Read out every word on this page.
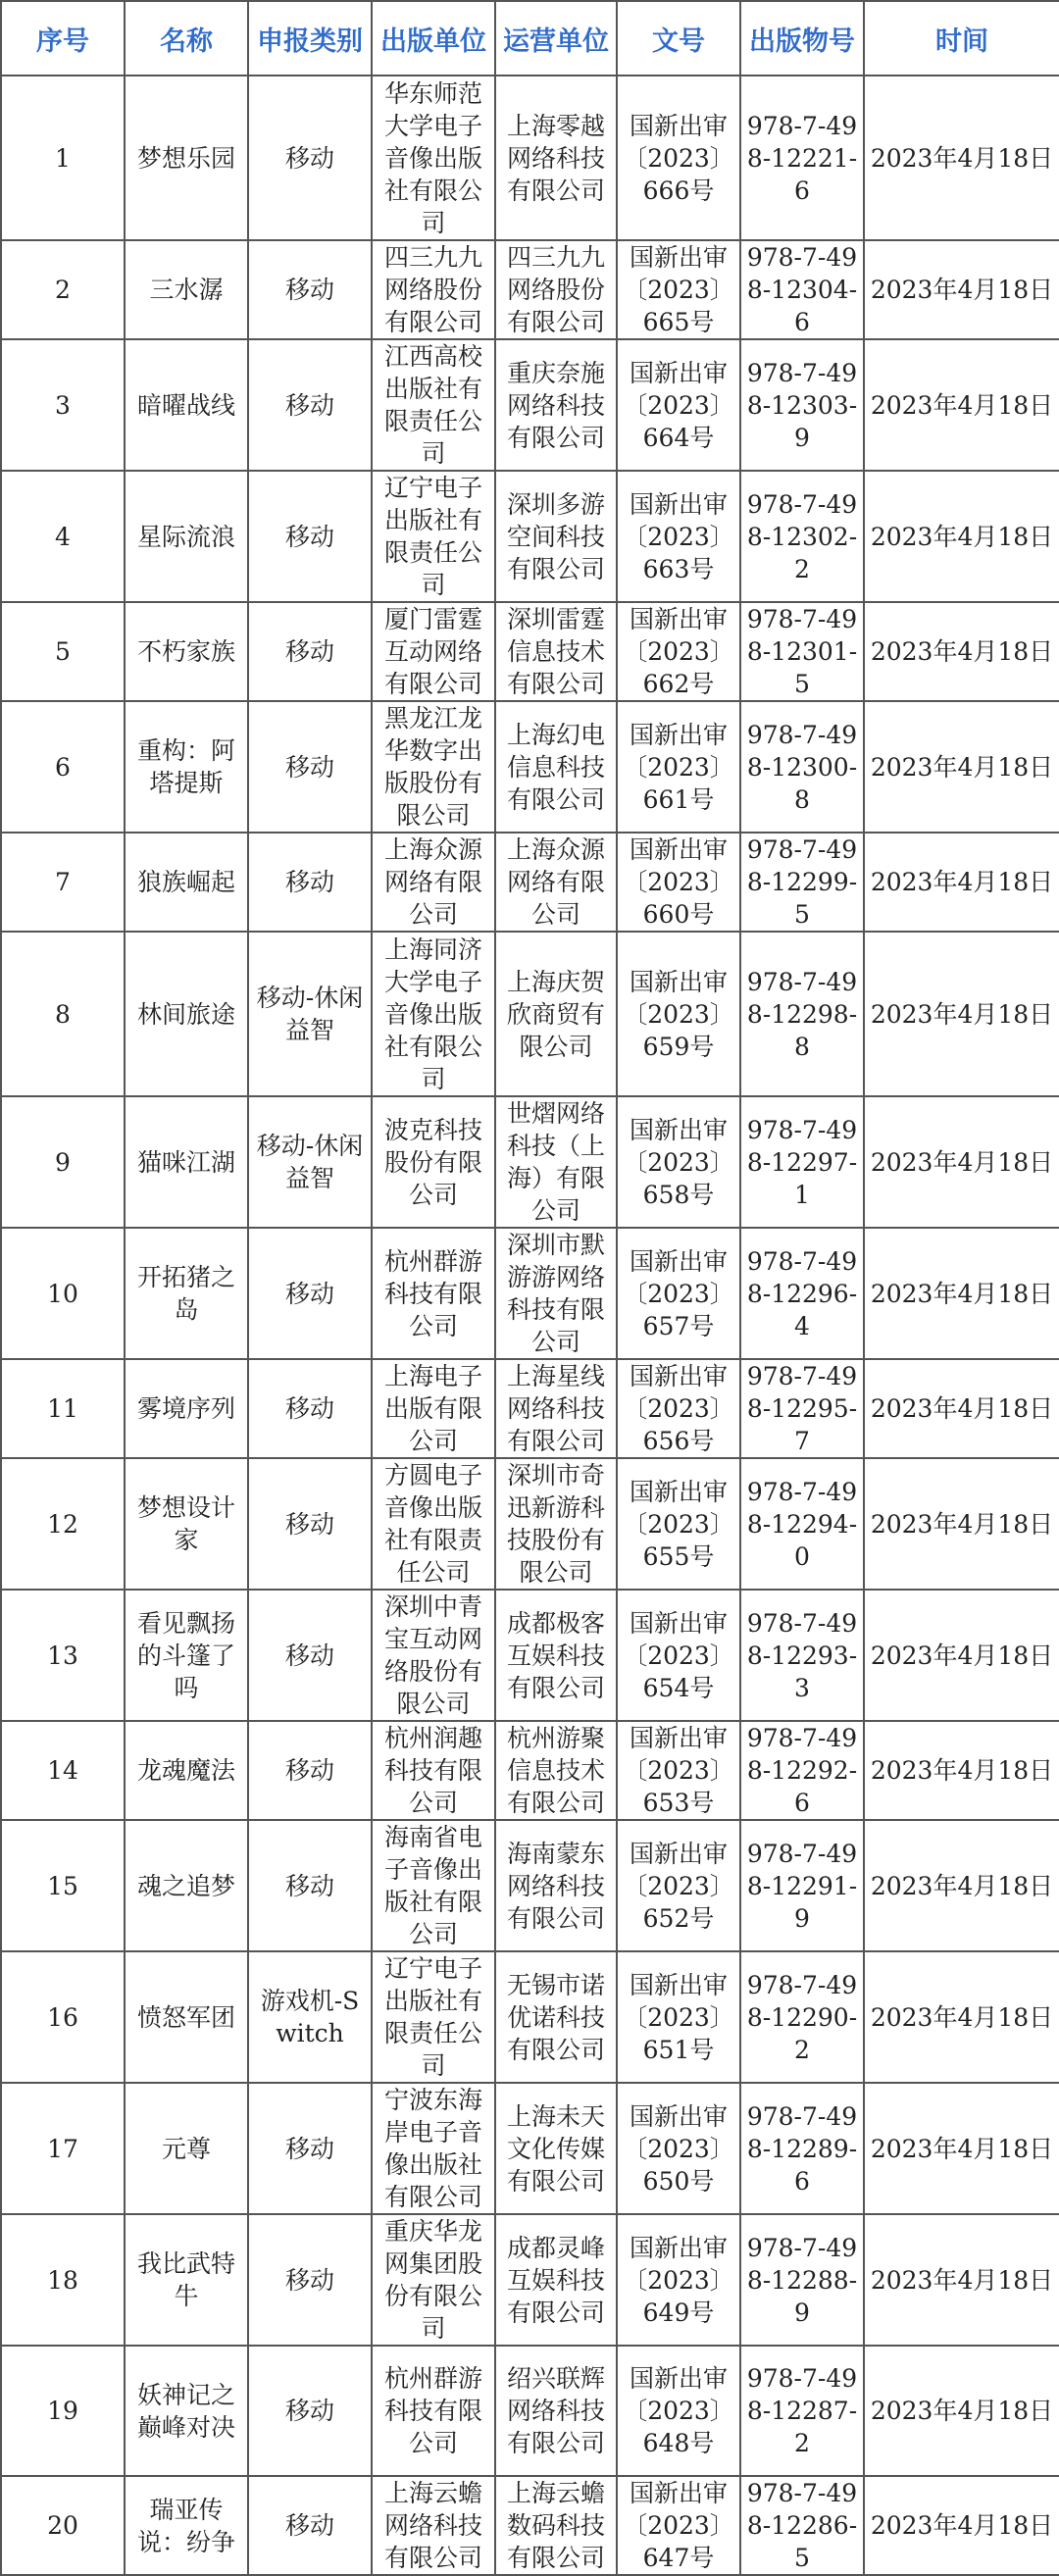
序号	名称	申报类别	出版单位	运营单位	文号	出版物号	时间
1	梦想乐园	移动	华东师范大学电子音像出版社有限公司	上海零越网络科技有限公司	国新出审〔2023〕666号	978-7-498-12221-6	2023年4月18日
2	三水潺	移动	四三九九网络股份有限公司	四三九九网络股份有限公司	国新出审〔2023〕665号	978-7-498-12304-6	2023年4月18日
3	暗曜战线	移动	江西高校出版社有限责任公司	重庆奈施网络科技有限公司	国新出审〔2023〕664号	978-7-498-12303-9	2023年4月18日
4	星际流浪	移动	辽宁电子出版社有限责任公司	深圳多游空间科技有限公司	国新出审〔2023〕663号	978-7-498-12302-2	2023年4月18日
5	不朽家族	移动	厦门雷霆互动网络有限公司	深圳雷霆信息技术有限公司	国新出审〔2023〕662号	978-7-498-12301-5	2023年4月18日
6	重构：阿塔提斯	移动	黑龙江龙华数字出版股份有限公司	上海幻电信息科技有限公司	国新出审〔2023〕661号	978-7-498-12300-8	2023年4月18日
7	狼族崛起	移动	上海众源网络有限公司	上海众源网络有限公司	国新出审〔2023〕660号	978-7-498-12299-5	2023年4月18日
8	林间旅途	移动-休闲益智	上海同济大学电子音像出版社有限公司	上海庆贺欣商贸有限公司	国新出审〔2023〕659号	978-7-498-12298-8	2023年4月18日
9	猫咪江湖	移动-休闲益智	波克科技股份有限公司	世熠网络科技（上海）有限公司	国新出审〔2023〕658号	978-7-498-12297-1	2023年4月18日
10	开拓猪之岛	移动	杭州群游科技有限公司	深圳市默游游网络科技有限公司	国新出审〔2023〕657号	978-7-498-12296-4	2023年4月18日
11	雾境序列	移动	上海电子出版有限公司	上海星线网络科技有限公司	国新出审〔2023〕656号	978-7-498-12295-7	2023年4月18日
12	梦想设计家	移动	方圆电子音像出版社有限责任公司	深圳市奇迅新游科技股份有限公司	国新出审〔2023〕655号	978-7-498-12294-0	2023年4月18日
13	看见飘扬的斗篷了吗	移动	深圳中青宝互动网络股份有限公司	成都极客互娱科技有限公司	国新出审〔2023〕654号	978-7-498-12293-3	2023年4月18日
14	龙魂魔法	移动	杭州润趣科技有限公司	杭州游聚信息技术有限公司	国新出审〔2023〕653号	978-7-498-12292-6	2023年4月18日
15	魂之追梦	移动	海南省电子音像出版社有限公司	海南蒙东网络科技有限公司	国新出审〔2023〕652号	978-7-498-12291-9	2023年4月18日
16	愤怒军团	游戏机-Switch	辽宁电子出版社有限责任公司	无锡市诺优诺科技有限公司	国新出审〔2023〕651号	978-7-498-12290-2	2023年4月18日
17	元尊	移动	宁波东海岸电子音像出版社有限公司	上海未天文化传媒有限公司	国新出审〔2023〕650号	978-7-498-12289-6	2023年4月18日
18	我比武特牛	移动	重庆华龙网集团股份有限公司	成都灵峰互娱科技有限公司	国新出审〔2023〕649号	978-7-498-12288-9	2023年4月18日
19	妖神记之巅峰对决	移动	杭州群游科技有限公司	绍兴联辉网络科技有限公司	国新出审〔2023〕648号	978-7-498-12287-2	2023年4月18日
20	瑞亚传说：纷争	移动	上海云蟾网络科技有限公司	上海云蟾数码科技有限公司	国新出审〔2023〕647号	978-7-498-12286-5	2023年4月18日
